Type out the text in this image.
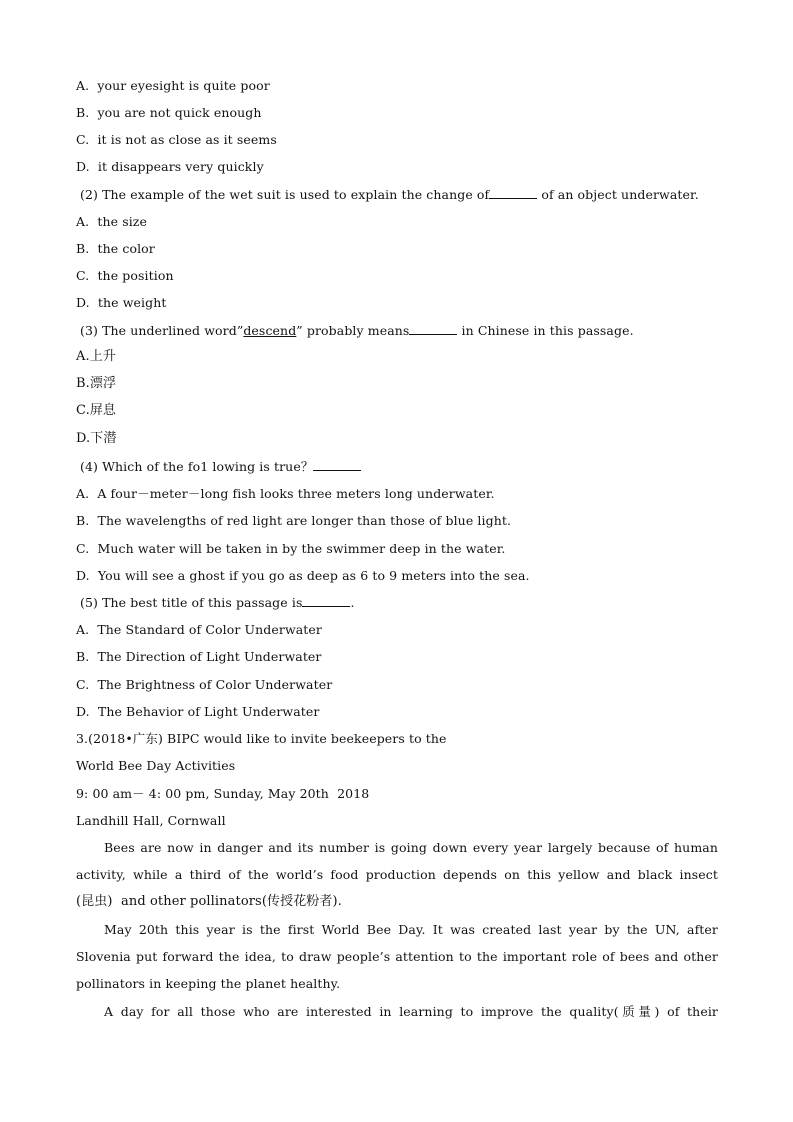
A.  your eyesight is quite poor
B.  you are not quick enough
C.  it is not as close as it seems
D.  it disappears very quickly
(2) The example of the wet suit is used to explain the change of	of an object underwater.
A.  the size
B.  the color
C.  the position
D.  the weight
(3) The underlined word”descend” probably means	in Chinese in this passage.
A.上升
B.漂浮
C.屏息
D.下潜
(4) Which of the fo1 lowing is true？
A.  A four－meter－long fish looks three meters long underwater.
B.  The wavelengths of red light are longer than those of blue light.
C.  Much water will be taken in by the swimmer deep in the water.
D.  You will see a ghost if you go as deep as 6 to 9 meters into the sea.
(5) The best title of this passage is	.
A.  The Standard of Color Underwater
B.  The Direction of Light Underwater
C.  The Brightness of Color Underwater
D.  The Behavior of Light Underwater
3.(2018•广东) BIPC would like to invite beekeepers to the
World Bee Day Activities
9: 00 am－ 4: 00 pm, Sunday, May 20th  2018
Landhill Hall, Cornwall
Bees are now in danger and its number is going down every year largely because of human
activity, while a third of the world’s food production depends on this yellow and black insect
(昆虫)  and other pollinators(传授花粉者).
May 20th this year is the first World Bee Day. It was created last year by the UN, after
Slovenia put forward the idea, to draw people’s attention to the important role of bees and other
pollinators in keeping the planet healthy.
A day for all those who are interested in learning to improve the quality(质量) of their
